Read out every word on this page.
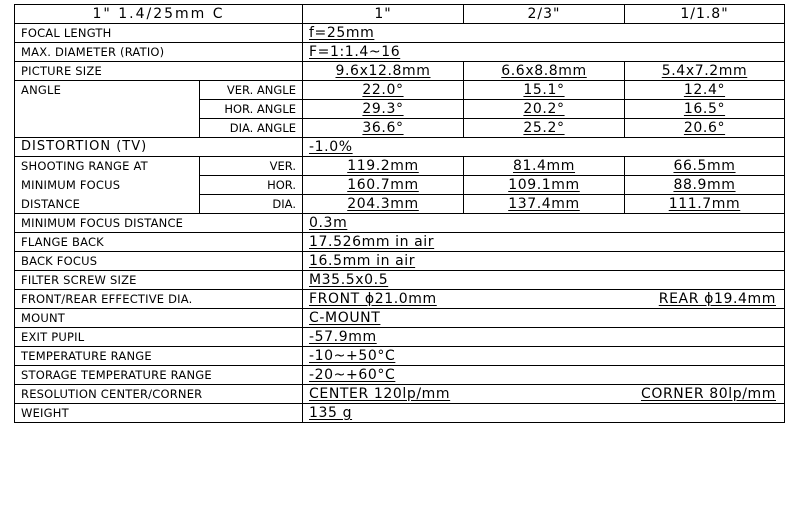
1" 1.4/25mm C		1"	2/3"	1/1.8"
FOCAL LENGTH		f=25mm		
MAX. DIAMETER (RATIO)		F=1:1.4~16		
PICTURE SIZE		9.6x12.8mm	6.6x8.8mm	5.4x7.2mm
ANGLE	VER. ANGLE	22.0°	15.1°	12.4°
	HOR. ANGLE	29.3°	20.2°	16.5°
	DIA. ANGLE	36.6°	25.2°	20.6°
DISTORTION (TV)		-1.0%		
SHOOTING RANGE AT	VER.	119.2mm	81.4mm	66.5mm
MINIMUM FOCUS	HOR.	160.7mm	109.1mm	88.9mm
DISTANCE	DIA.	204.3mm	137.4mm	111.7mm
MINIMUM FOCUS DISTANCE		0.3m		
FLANGE BACK		17.526mm in air		
BACK FOCUS		16.5mm in air		
FILTER SCREW SIZE		M35.5x0.5		
FRONT/REAR EFFECTIVE DIA.		FRONT ϕ21.0mm REAR ϕ19.4mm		

MOUNT		C-MOUNT		
EXIT PUPIL		-57.9mm		
TEMPERATURE RANGE		-10~+50°C		
STORAGE TEMPERATURE RANGE		-20~+60°C		
RESOLUTION CENTER/CORNER		CENTER 120lp/mm CORNER 80lp/mm		

WEIGHT		135 g		
